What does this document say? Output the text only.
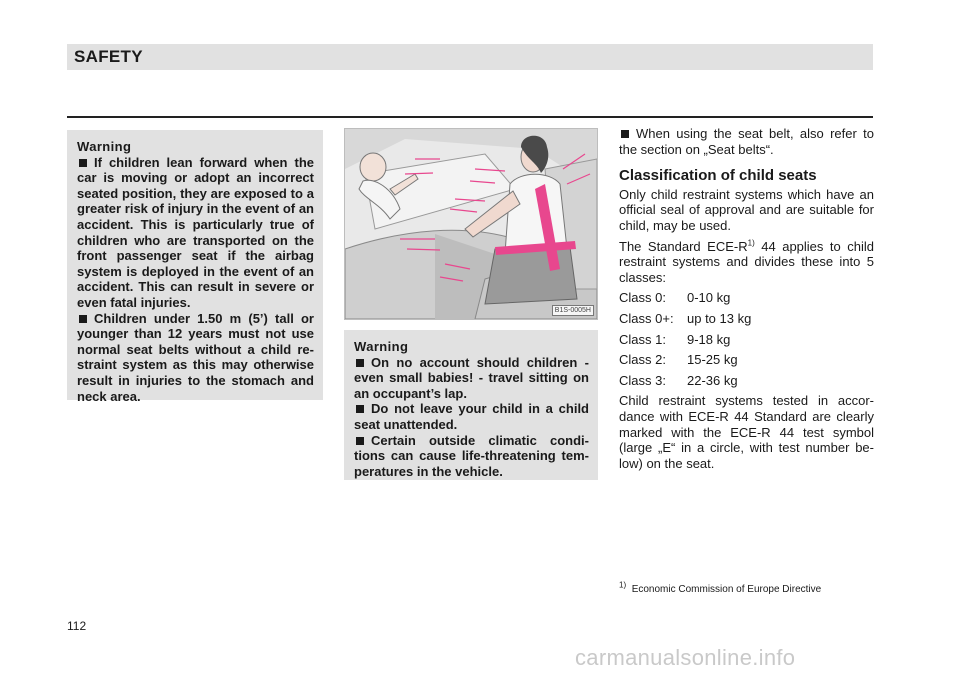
SAFETY
Warning
If children lean forward when the car is moving or adopt an incorrect seated position, they are exposed to a greater risk of injury in the event of an accident. This is particularly true of children who are transported on the front passenger seat if the airbag system is deployed in the event of an accident. This can result in severe or even fatal injuries.
Children under 1.50 m (5’) tall or younger than 12 years must not use normal seat belts without a child re-straint system as this may otherwise result in injuries to the stomach and neck area.
B1S-0005H
Warning
On no account should children - even small babies! - travel sitting on an occupant’s lap.
Do not leave your child in a child seat unattended.
Certain outside climatic condi-tions can cause life-threatening tem-peratures in the vehicle.

When using the seat belt, also refer to the section on „Seat belts“.

Classification of child seats

Only child restraint systems which have an official seal of approval and are suitable for child, may be used.

The Standard ECE-$R^{1)}$ 44 applies to child restraint systems and divides these into 5 classes:

Class 0:	0-10 kg
Class 0+:	up to 13 kg
Class 1:	9-18 kg
Class 2:	15-25 kg
Class 3:	22-36 kg

Child restraint systems tested in accor-dance with ECE-R 44 Standard are clearly marked with the ECE-R 44 test symbol (large „E“ in a circle, with test number be-low) on the seat.

$^{1)}$ Economic Commission of Europe Directive
112
carmanualsonline.info
